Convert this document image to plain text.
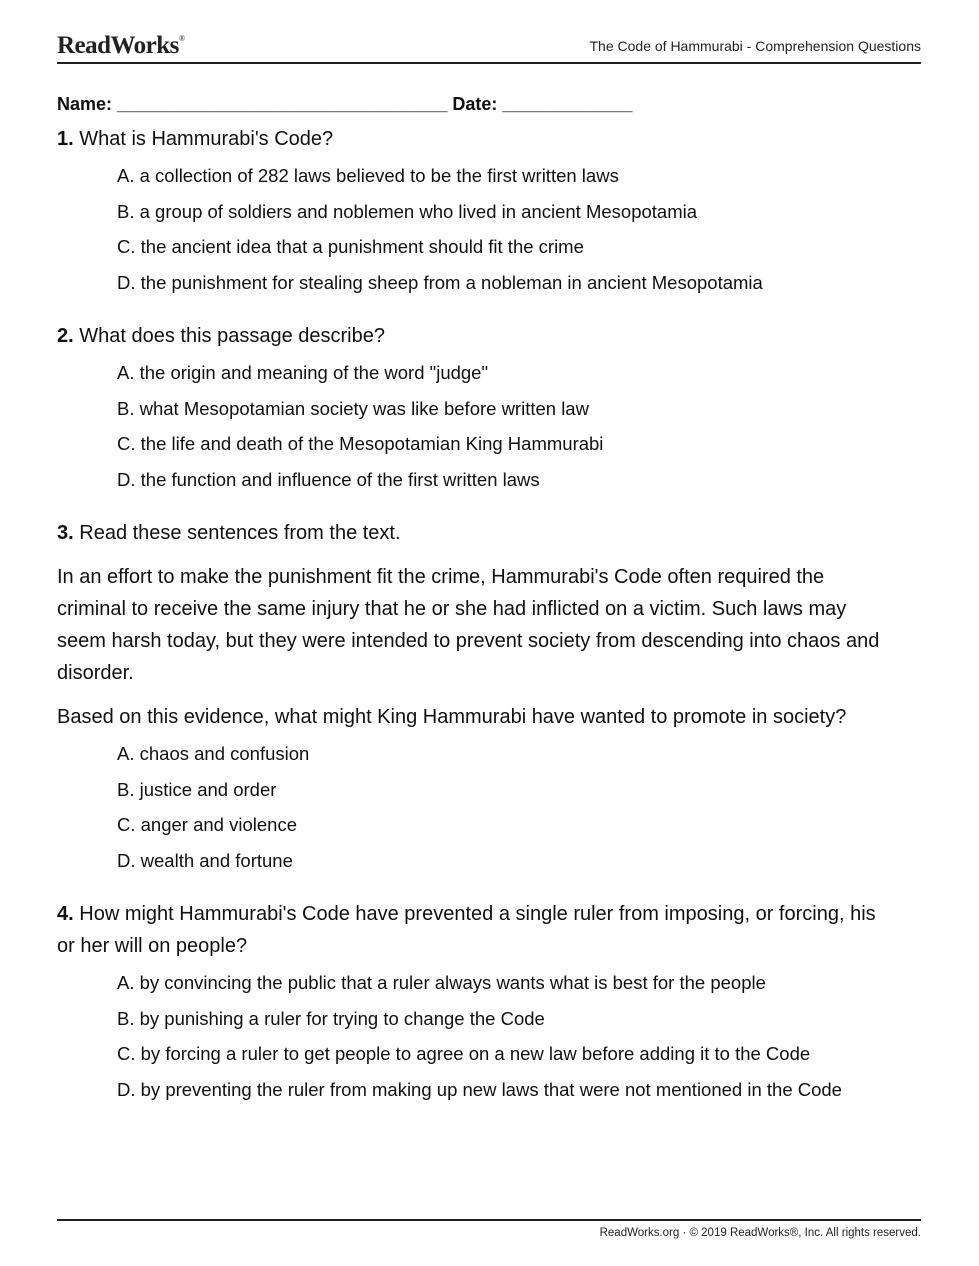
ReadWorks®	The Code of Hammurabi - Comprehension Questions
Name: _________________________________ Date: _____________

1. What is Hammurabi's Code?

A. a collection of 282 laws believed to be the first written laws
B. a group of soldiers and noblemen who lived in ancient Mesopotamia
C. the ancient idea that a punishment should fit the crime
D. the punishment for stealing sheep from a nobleman in ancient Mesopotamia

2. What does this passage describe?

A. the origin and meaning of the word "judge"
B. what Mesopotamian society was like before written law
C. the life and death of the Mesopotamian King Hammurabi
D. the function and influence of the first written laws

3. Read these sentences from the text.

In an effort to make the punishment fit the crime, Hammurabi's Code often required the criminal to receive the same injury that he or she had inflicted on a victim. Such laws may seem harsh today, but they were intended to prevent society from descending into chaos and disorder.

Based on this evidence, what might King Hammurabi have wanted to promote in society?

A. chaos and confusion
B. justice and order
C. anger and violence
D. wealth and fortune

4. How might Hammurabi's Code have prevented a single ruler from imposing, or forcing, his or her will on people?

A. by convincing the public that a ruler always wants what is best for the people
B. by punishing a ruler for trying to change the Code
C. by forcing a ruler to get people to agree on a new law before adding it to the Code
D. by preventing the ruler from making up new laws that were not mentioned in the Code
ReadWorks.org · © 2019 ReadWorks®, Inc. All rights reserved.
